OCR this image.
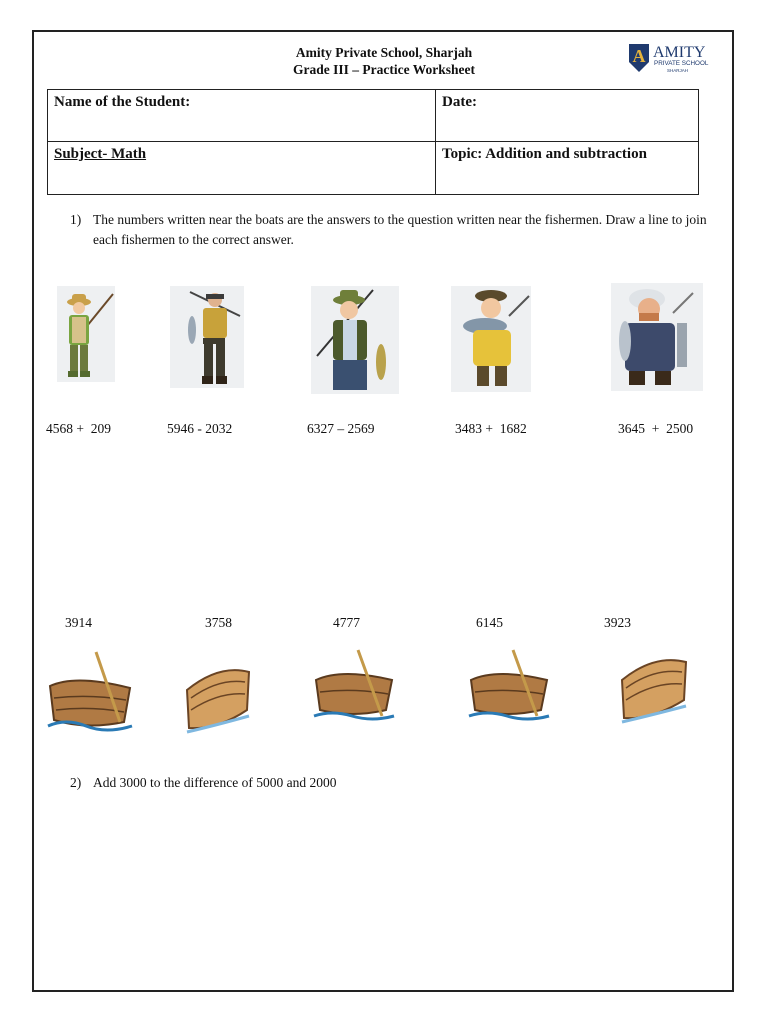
Amity Private School, Sharjah
Grade III – Practice Worksheet
A AMITY
PRIVATE SCHOOL
SHARJAH
Name of the Student:	Date:
Subject- Math	Topic: Addition and subtraction
1) The numbers written near the boats are the answers to the question written near the fishermen. Draw a line to join each fishermen to the correct answer.
4568 +  209	5946 - 2032	6327 – 2569	3483 +  1682	3645  +  2500
3914	3758	4777	6145	3923
2) Add 3000 to the difference of 5000 and 2000
